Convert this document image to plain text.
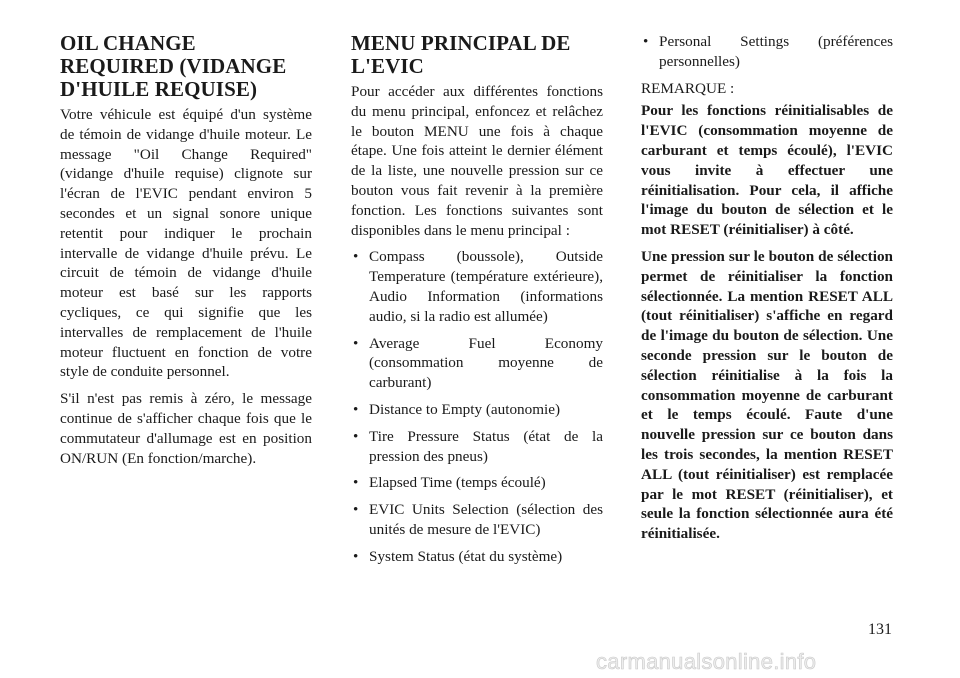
OIL CHANGE REQUIRED (VIDANGE D'HUILE REQUISE)

Votre véhicule est équipé d'un système de témoin de vidange d'huile moteur. Le message "Oil Change Required" (vidange d'huile requise) clignote sur l'écran de l'EVIC pendant environ 5 secondes et un signal sonore unique retentit pour indiquer le prochain intervalle de vidange d'huile prévu. Le circuit de témoin de vidange d'huile moteur est basé sur les rapports cycliques, ce qui signifie que les intervalles de remplacement de l'huile moteur fluctuent en fonction de votre style de conduite personnel.

S'il n'est pas remis à zéro, le message continue de s'afficher chaque fois que le commutateur d'allumage est en position ON/RUN (En fonction/marche).

MENU PRINCIPAL DE L'EVIC

Pour accéder aux différentes fonctions du menu principal, enfoncez et relâchez le bouton MENU une fois à chaque étape. Une fois atteint le dernier élément de la liste, une nouvelle pression sur ce bouton vous fait revenir à la première fonction. Les fonctions suivantes sont disponibles dans le menu principal :

• Compass (boussole), Outside Temperature (température extérieure), Audio Information (informations audio, si la radio est allumée)
• Average Fuel Economy (consommation moyenne de carburant)
• Distance to Empty (autonomie)
• Tire Pressure Status (état de la pression des pneus)
• Elapsed Time (temps écoulé)
• EVIC Units Selection (sélection des unités de mesure de l'EVIC)
• System Status (état du système)
• Personal Settings (préférences personnelles)

REMARQUE :

Pour les fonctions réinitialisables de l'EVIC (consommation moyenne de carburant et temps écoulé), l'EVIC vous invite à effectuer une réinitialisation. Pour cela, il affiche l'image du bouton de sélection et le mot RESET (réinitialiser) à côté.

Une pression sur le bouton de sélection permet de réinitialiser la fonction sélectionnée. La mention RESET ALL (tout réinitialiser) s'affiche en regard de l'image du bouton de sélection. Une seconde pression sur le bouton de sélection réinitialise à la fois la consommation moyenne de carburant et le temps écoulé. Faute d'une nouvelle pression sur ce bouton dans les trois secondes, la mention RESET ALL (tout réinitialiser) est remplacée par le mot RESET (réinitialiser), et seule la fonction sélectionnée aura été réinitialisée.

131
carmanualsonline.info
